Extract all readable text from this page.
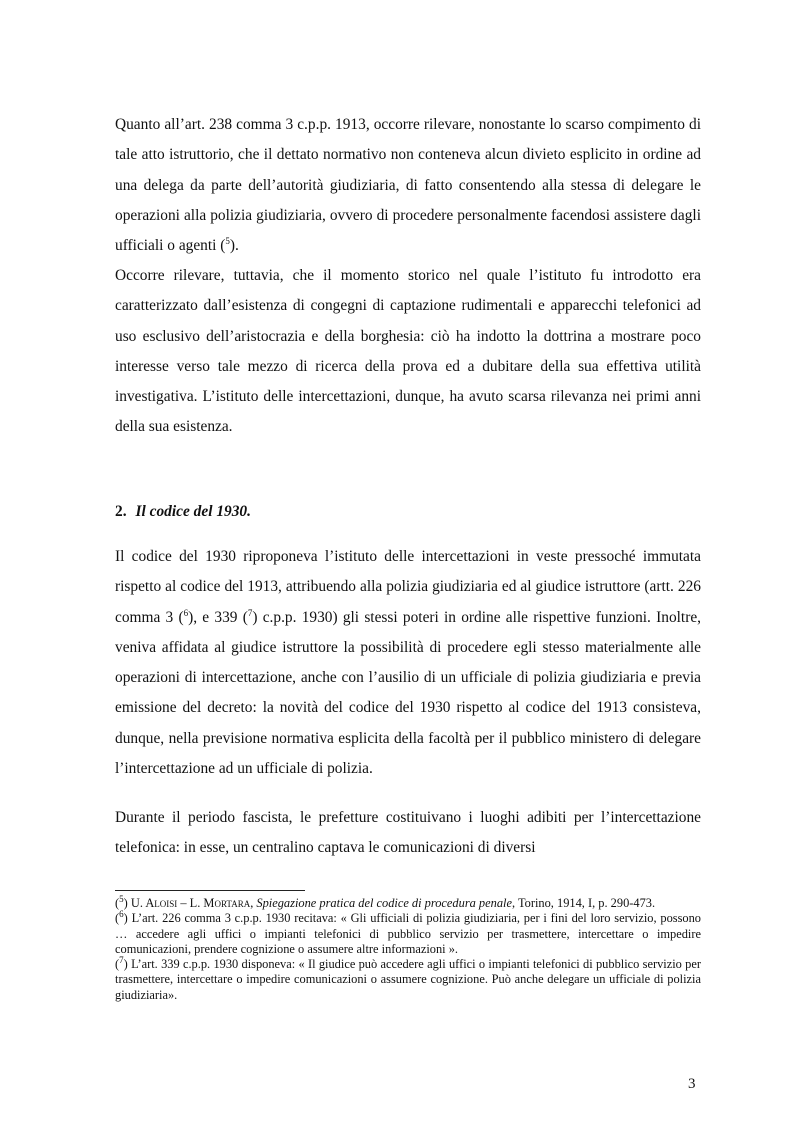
Quanto all’art. 238 comma 3 c.p.p. 1913, occorre rilevare, nonostante lo scarso compimento di tale atto istruttorio, che il dettato normativo non conteneva alcun divieto esplicito in ordine ad una delega da parte dell’autorità giudiziaria, di fatto consentendo alla stessa di delegare le operazioni alla polizia giudiziaria, ovvero di procedere personalmente facendosi assistere dagli ufficiali o agenti ($^5$).

Occorre rilevare, tuttavia, che il momento storico nel quale l’istituto fu introdotto era caratterizzato dall’esistenza di congegni di captazione rudimentali e apparecchi telefonici ad uso esclusivo dell’aristocrazia e della borghesia: ciò ha indotto la dottrina a mostrare poco interesse verso tale mezzo di ricerca della prova ed a dubitare della sua effettiva utilità investigativa. L’istituto delle intercettazioni, dunque, ha avuto scarsa rilevanza nei primi anni della sua esistenza.

2. Il codice del 1930.

Il codice del 1930 riproponeva l’istituto delle intercettazioni in veste pressoché immutata rispetto al codice del 1913, attribuendo alla polizia giudiziaria ed al giudice istruttore (artt. 226 comma 3 ($^6$), e 339 ($^7$) c.p.p. 1930) gli stessi poteri in ordine alle rispettive funzioni. Inoltre, veniva affidata al giudice istruttore la possibilità di procedere egli stesso materialmente alle operazioni di intercettazione, anche con l’ausilio di un ufficiale di polizia giudiziaria e previa emissione del decreto: la novità del codice del 1930 rispetto al codice del 1913 consisteva, dunque, nella previsione normativa esplicita della facoltà per il pubblico ministero di delegare l’intercettazione ad un ufficiale di polizia.

Durante il periodo fascista, le prefetture costituivano i luoghi adibiti per l’intercettazione telefonica: in esse, un centralino captava le comunicazioni di diversi

($^5$) U. Aloisi – L. Mortara, Spiegazione pratica del codice di procedura penale, Torino, 1914, I, p. 290-473.

($^6$) L’art. 226 comma 3 c.p.p. 1930 recitava: « Gli ufficiali di polizia giudiziaria, per i fini del loro servizio, possono … accedere agli uffici o impianti telefonici di pubblico servizio per trasmettere, intercettare o impedire comunicazioni, prendere cognizione o assumere altre informazioni ».

($^7$) L’art. 339 c.p.p. 1930 disponeva: « Il giudice può accedere agli uffici o impianti telefonici di pubblico servizio per trasmettere, intercettare o impedire comunicazioni o assumere cognizione. Può anche delegare un ufficiale di polizia giudiziaria».

3
